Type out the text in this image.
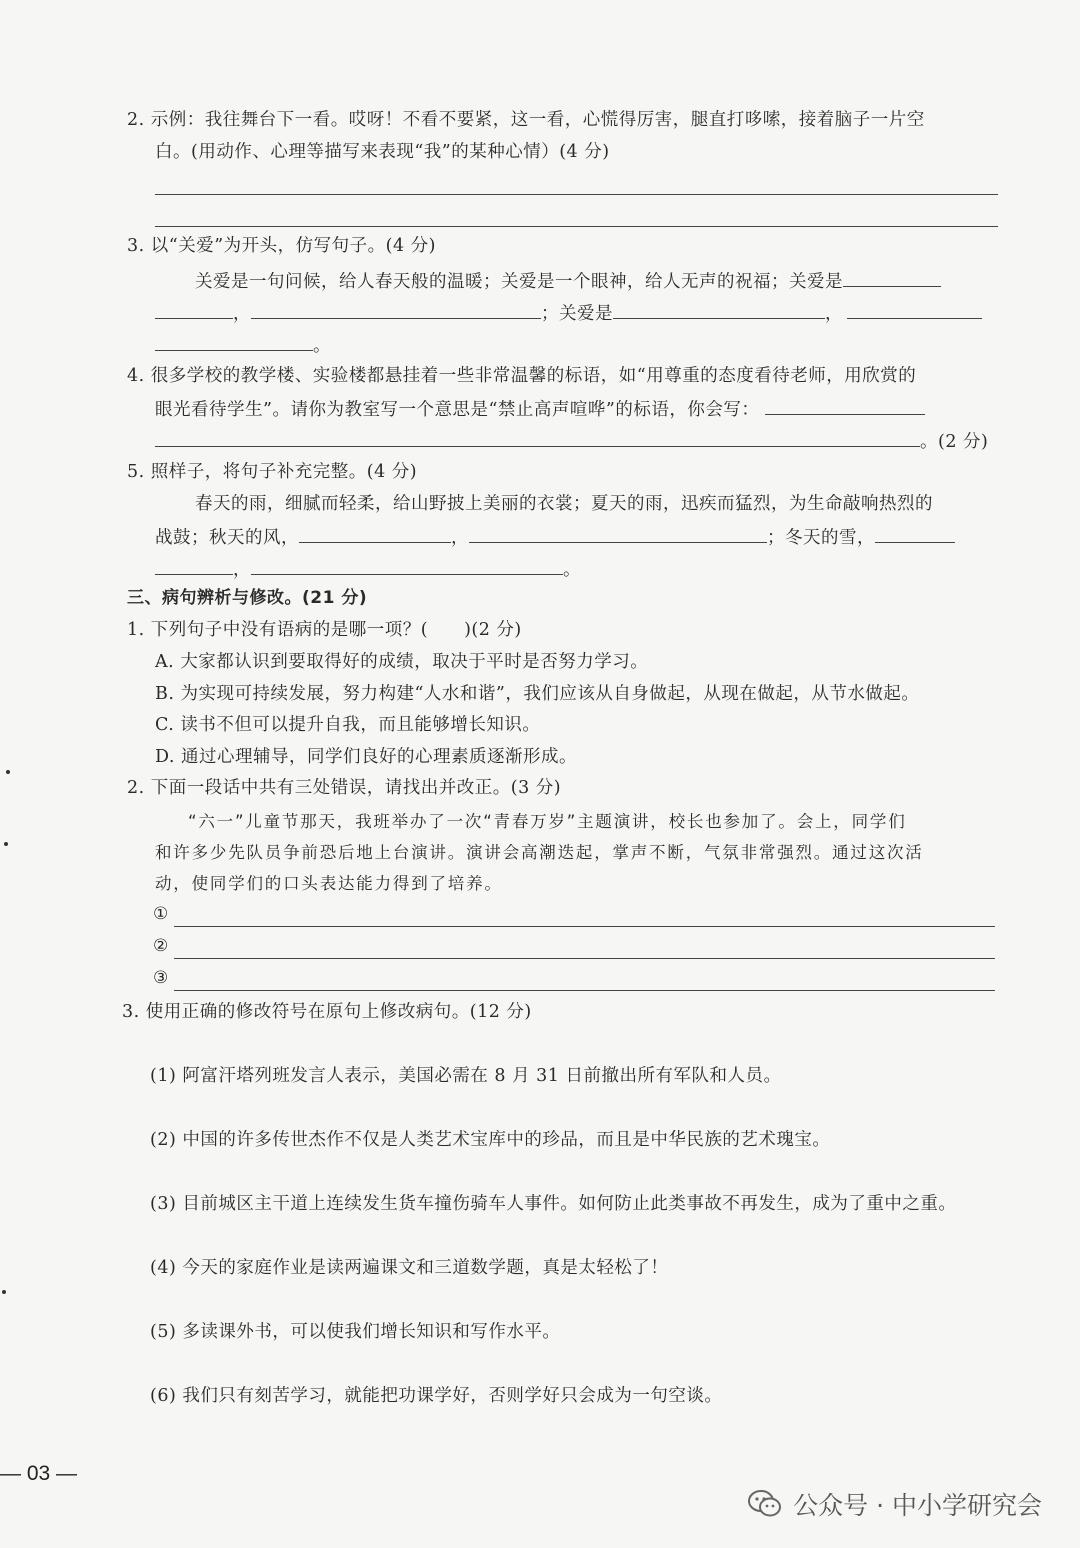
2. 示例：我往舞台下一看。哎呀！不看不要紧，这一看，心慌得厉害，腿直打哆嗦，接着脑子一片空
白。(用动作、心理等描写来表现“我”的某种心情）(4 分)
3. 以“关爱”为开头，仿写句子。(4 分)
关爱是一句问候，给人春天般的温暖；关爱是一个眼神，给人无声的祝福；关爱是
，	；关爱是	，
。
4. 很多学校的教学楼、实验楼都悬挂着一些非常温馨的标语，如“用尊重的态度看待老师，用欣赏的
眼光看待学生”。请你为教室写一个意思是“禁止高声喧哗”的标语，你会写：
。(2 分)
5. 照样子，将句子补充完整。(4 分)
春天的雨，细腻而轻柔，给山野披上美丽的衣裳；夏天的雨，迅疾而猛烈，为生命敲响热烈的
战鼓；秋天的风，	，	；冬天的雪，
，	。
三、病句辨析与修改。(21 分)
1. 下列句子中没有语病的是哪一项？(　　)(2 分)
A. 大家都认识到要取得好的成绩，取决于平时是否努力学习。
B. 为实现可持续发展，努力构建“人水和谐”，我们应该从自身做起，从现在做起，从节水做起。
C. 读书不但可以提升自我，而且能够增长知识。
D. 通过心理辅导，同学们良好的心理素质逐渐形成。
2. 下面一段话中共有三处错误，请找出并改正。(3 分)
“六一”儿童节那天，我班举办了一次“青春万岁”主题演讲，校长也参加了。会上，同学们
和许多少先队员争前恐后地上台演讲。演讲会高潮迭起，掌声不断，气氛非常强烈。通过这次活
动，使同学们的口头表达能力得到了培养。
①
②
③
3. 使用正确的修改符号在原句上修改病句。(12 分)
(1) 阿富汗塔列班发言人表示，美国必需在 8 月 31 日前撤出所有军队和人员。
(2) 中国的许多传世杰作不仅是人类艺术宝库中的珍品，而且是中华民族的艺术瑰宝。
(3) 目前城区主干道上连续发生货车撞伤骑车人事件。如何防止此类事故不再发生，成为了重中之重。
(4) 今天的家庭作业是读两遍课文和三道数学题，真是太轻松了！
(5) 多读课外书，可以使我们增长知识和写作水平。
(6) 我们只有刻苦学习，就能把功课学好，否则学好只会成为一句空谈。
— 03 —
公众号 · 中小学研究会
